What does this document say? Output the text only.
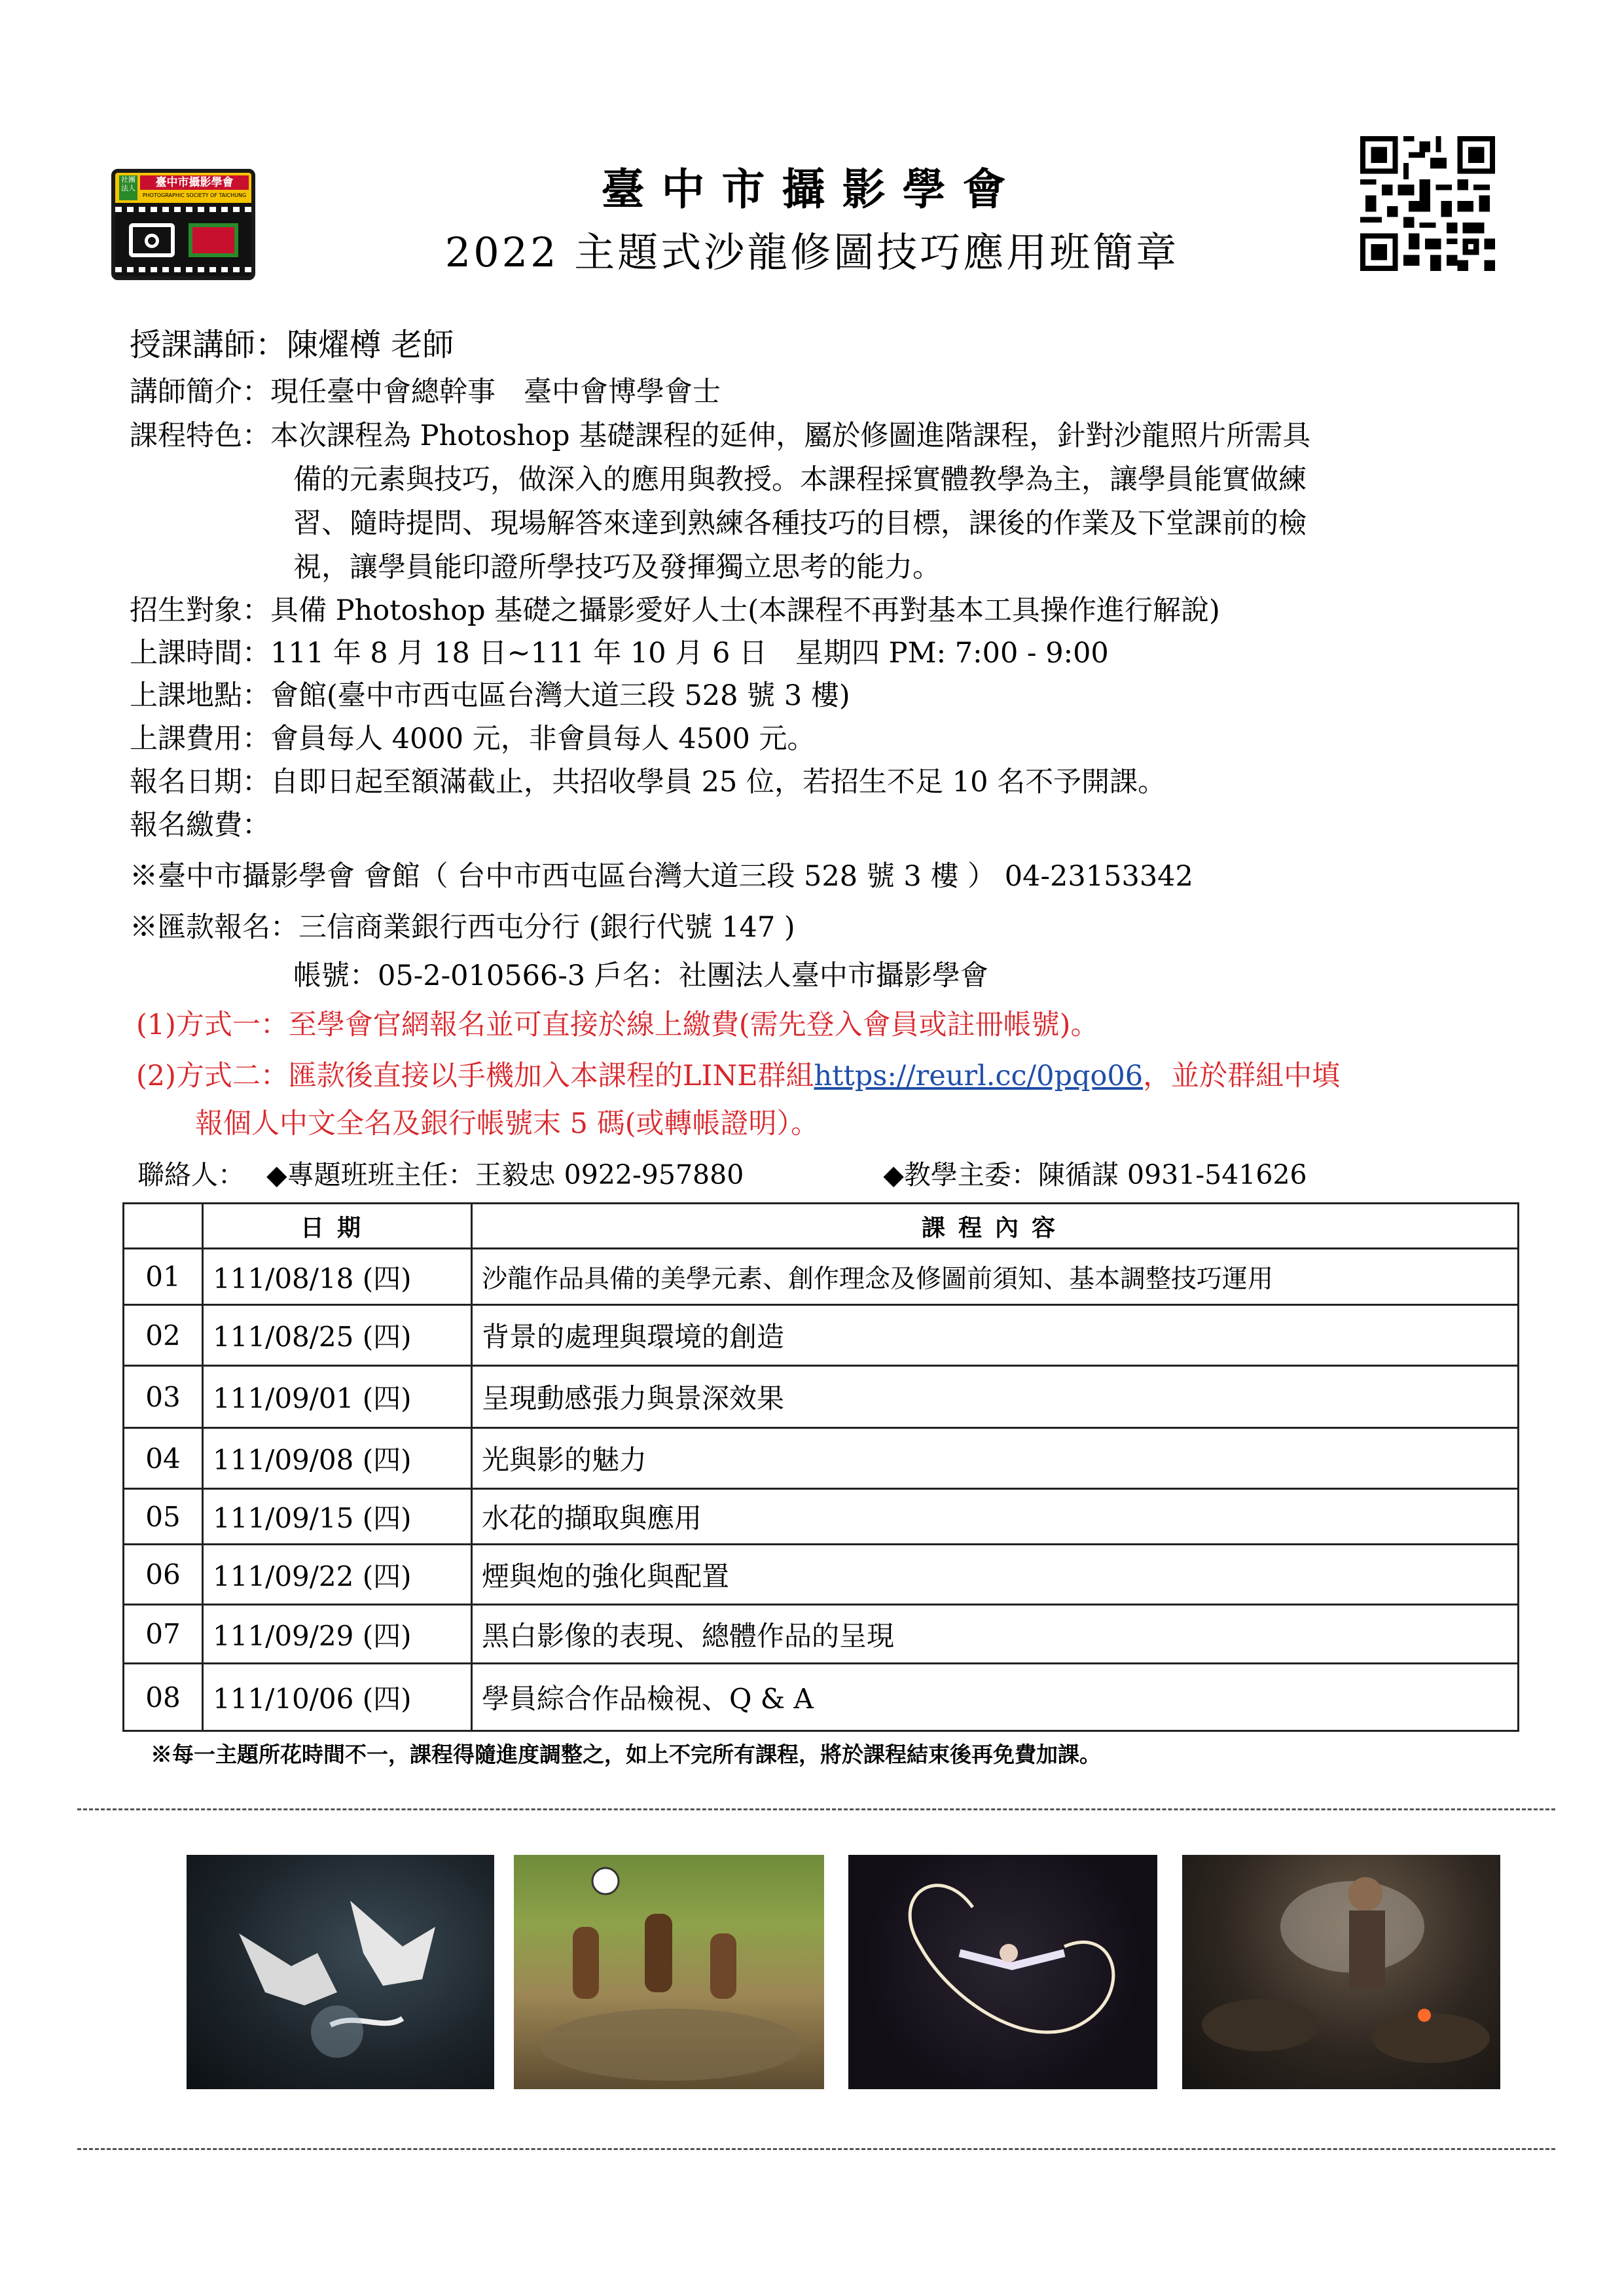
社團法人	臺中市攝影學會
PHOTOGRAPHIC SOCIETY OF TAICHUNG	臺中市攝影學會
2022 主題式沙龍修圖技巧應用班簡章
授課講師：陳燿樽 老師
講師簡介：現任臺中會總幹事　臺中會博學會士
課程特色：本次課程為 Photoshop 基礎課程的延伸，屬於修圖進階課程，針對沙龍照片所需具
備的元素與技巧，做深入的應用與教授。本課程採實體教學為主，讓學員能實做練
習、隨時提問、現場解答來達到熟練各種技巧的目標，課後的作業及下堂課前的檢
視，讓學員能印證所學技巧及發揮獨立思考的能力。
招生對象：具備 Photoshop 基礎之攝影愛好人士(本課程不再對基本工具操作進行解說)
上課時間：111 年 8 月 18 日~111 年 10 月 6 日　星期四 PM: 7:00 - 9:00
上課地點：會館(臺中市西屯區台灣大道三段 528 號 3 樓)
上課費用：會員每人 4000 元，非會員每人 4500 元。
報名日期：自即日起至額滿截止，共招收學員 25 位，若招生不足 10 名不予開課。
報名繳費：
※臺中市攝影學會 會館（ 台中市西屯區台灣大道三段 528 號 3 樓 ） 04-23153342
※匯款報名：三信商業銀行西屯分行 (銀行代號 147 )
帳號：05-2-010566-3 戶名：社團法人臺中市攝影學會
(1)方式一：至學會官網報名並可直接於線上繳費(需先登入會員或註冊帳號)。
(2)方式二：匯款後直接以手機加入本課程的LINE群組https://reurl.cc/0pqo06，並於群組中填
報個人中文全名及銀行帳號末 5 碼(或轉帳證明）。
聯絡人： ◆專題班班主任：王毅忠 0922-957880	◆教學主委：陳循謀 0931-541626
	日期	課程內容
01	111/08/18 (四)	沙龍作品具備的美學元素、創作理念及修圖前須知、基本調整技巧運用
02	111/08/25 (四)	背景的處理與環境的創造
03	111/09/01 (四)	呈現動感張力與景深效果
04	111/09/08 (四)	光與影的魅力
05	111/09/15 (四)	水花的擷取與應用
06	111/09/22 (四)	煙與炮的強化與配置
07	111/09/29 (四)	黑白影像的表現、總體作品的呈現
08	111/10/06 (四)	學員綜合作品檢視、Q & A
※每一主題所花時間不一，課程得隨進度調整之，如上不完所有課程，將於課程結束後再免費加課。
